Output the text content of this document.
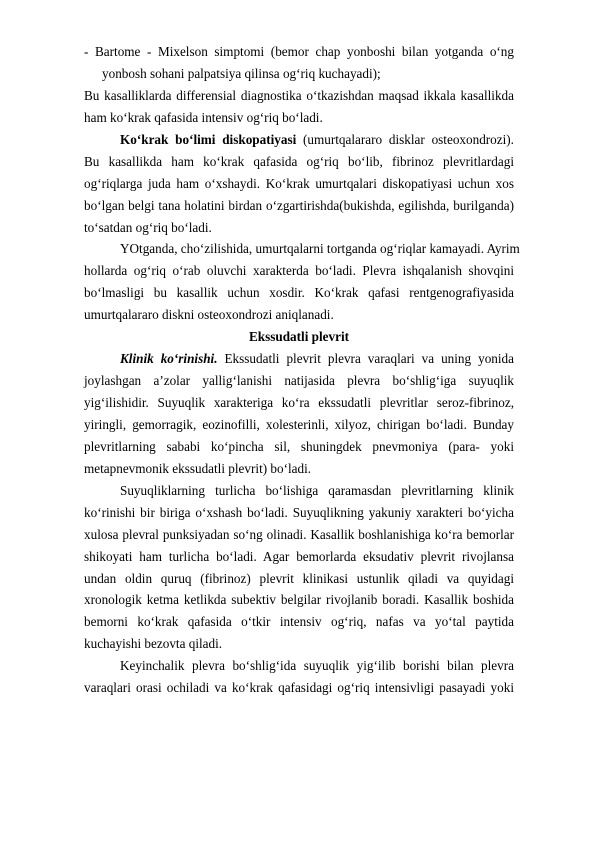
- Bartome - Mixelson simptomi (bemor chap yonboshi bilan yotganda o‘ng
yonbosh sohani palpatsiya qilinsa og‘riq kuchayadi);
Bu kasalliklarda differensial diagnostika o‘tkazishdan maqsad ikkala kasallikda
ham ko‘krak qafasida intensiv og‘riq bo‘ladi.
Ko‘krak bo‘limi diskopatiyasi (umurtqalararo disklar osteoxondrozi).
Bu kasallikda ham ko‘krak qafasida og‘riq bo‘lib, fibrinoz plevritlardagi
og‘riqlarga juda ham o‘xshaydi. Ko‘krak umurtqalari diskopatiyasi uchun xos
bo‘lgan belgi tana holatini birdan o‘zgartirishda(bukishda, egilishda, burilganda)
to‘satdan og‘riq bo‘ladi.
YOtganda, cho‘zilishida, umurtqalarni tortganda og‘riqlar kamayadi. Ayrim
hollarda og‘riq o‘rab oluvchi xarakterda bo‘ladi. Plevra ishqalanish shovqini
bo‘lmasligi bu kasallik uchun xosdir. Ko‘krak qafasi rentgenografiyasida
umurtqalararo diskni osteoxondrozi aniqlanadi.
Ekssudatli plevrit
Klinik ko‘rinishi. Ekssudatli plevrit plevra varaqlari va uning yonida
joylashgan a’zolar yallig‘lanishi natijasida plevra bo‘shlig‘iga suyuqlik
yig‘ilishidir. Suyuqlik xarakteriga ko‘ra ekssudatli plevritlar seroz-fibrinoz,
yiringli, gemorragik, eozinofilli, xolesterinli, xilyoz, chirigan bo‘ladi. Bunday
plevritlarning sababi ko‘pincha sil, shuningdek pnevmoniya (para- yoki
metapnevmonik ekssudatli plevrit) bo‘ladi.
Suyuqliklarning turlicha bo‘lishiga qaramasdan plevritlarning klinik
ko‘rinishi bir biriga o‘xshash bo‘ladi. Suyuqlikning yakuniy xarakteri bo‘yicha
xulosa plevral punksiyadan so‘ng olinadi. Kasallik boshlanishiga ko‘ra bemorlar
shikoyati ham turlicha bo‘ladi. Agar bemorlarda eksudativ plevrit rivojlansa
undan oldin quruq (fibrinoz) plevrit klinikasi ustunlik qiladi va quyidagi
xronologik ketma ketlikda subektiv belgilar rivojlanib boradi. Kasallik boshida
bemorni ko‘krak qafasida o‘tkir intensiv og‘riq, nafas va yo‘tal paytida
kuchayishi bezovta qiladi.
Keyinchalik plevra bo‘shlig‘ida suyuqlik yig‘ilib borishi bilan plevra
varaqlari orasi ochiladi va ko‘krak qafasidagi og‘riq intensivligi pasayadi yoki
